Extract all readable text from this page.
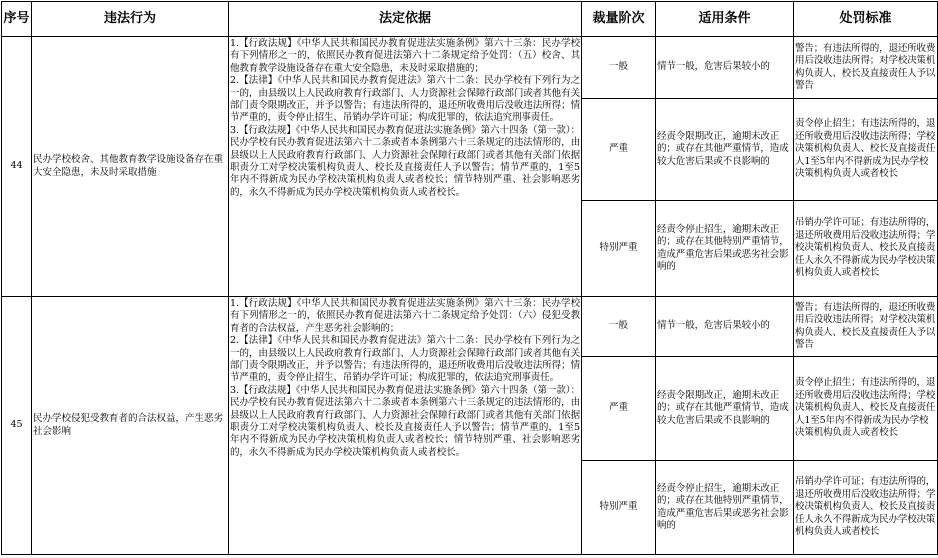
序号	违法行为	法定依据	裁量阶次	适用条件	处罚标准
44	民办学校校舍、其他教育教学设施设备存在重大安全隐患，未及时采取措施	1.【行政法规】《中华人民共和国民办教育促进法实施条例》第六十三条：民办学校有下列情形之一的，依照民办教育促进法第六十二条规定给予处罚：（五）校舍、其他教育教学设施设备存在重大安全隐患，未及时采取措施的；

2.【法律】《中华人民共和国民办教育促进法》第六十二条：民办学校有下列行为之一的，由县级以上人民政府教育行政部门、人力资源社会保障行政部门或者其他有关部门责令限期改正，并予以警告；有违法所得的，退还所收费用后没收违法所得；情节严重的，责令停止招生、吊销办学许可证；构成犯罪的，依法追究刑事责任。

3.【行政法规】《中华人民共和国民办教育促进法实施条例》第六十四条（第一款）：民办学校有民办教育促进法第六十二条或者本条例第六十三条规定的违法情形的，由县级以上人民政府教育行政部门、人力资源社会保障行政部门或者其他有关部门依据职责分工对学校决策机构负责人、校长及直接责任人予以警告；情节严重的，1至5年内不得新成为民办学校决策机构负责人或者校长；情节特别严重、社会影响恶劣的，永久不得新成为民办学校决策机构负责人或者校长。	一般	情节一般，危害后果较小的	警告；有违法所得的，退还所收费用后没收违法所得；对学校决策机构负责人、校长及直接责任人予以警告
			严重	经责令限期改正，逾期未改正的；或存在其他严重情节，造成较大危害后果或不良影响的	责令停止招生；有违法所得的，退还所收费用后没收违法所得；学校决策机构负责人、校长及直接责任人1至5年内不得新成为民办学校决策机构负责人或者校长
			特别严重	经责令停止招生，逾期未改正的；或存在其他特别严重情节，造成严重危害后果或恶劣社会影响的	吊销办学许可证；有违法所得的，退还所收费用后没收违法所得；学校决策机构负责人、校长及直接责任人永久不得新成为民办学校决策机构负责人或者校长
45	民办学校侵犯受教育者的合法权益，产生恶劣社会影响	1.【行政法规】《中华人民共和国民办教育促进法实施条例》第六十三条：民办学校有下列情形之一的，依照民办教育促进法第六十二条规定给予处罚：（六）侵犯受教育者的合法权益，产生恶劣社会影响的；

2.【法律】《中华人民共和国民办教育促进法》第六十二条：民办学校有下列行为之一的，由县级以上人民政府教育行政部门、人力资源社会保障行政部门或者其他有关部门责令限期改正，并予以警告；有违法所得的，退还所收费用后没收违法所得；情节严重的，责令停止招生、吊销办学许可证；构成犯罪的，依法追究刑事责任。

3.【行政法规】《中华人民共和国民办教育促进法实施条例》第六十四条（第一款）：民办学校有民办教育促进法第六十二条或者本条例第六十三条规定的违法情形的，由县级以上人民政府教育行政部门、人力资源社会保障行政部门或者其他有关部门依据职责分工对学校决策机构负责人、校长及直接责任人予以警告；情节严重的，1至5年内不得新成为民办学校决策机构负责人或者校长；情节特别严重、社会影响恶劣的，永久不得新成为民办学校决策机构负责人或者校长。	一般	情节一般，危害后果较小的	警告；有违法所得的，退还所收费用后没收违法所得；对学校决策机构负责人、校长及直接责任人予以警告
			严重	经责令限期改正，逾期未改正的；或存在其他严重情节，造成较大危害后果或不良影响的	责令停止招生；有违法所得的，退还所收费用后没收违法所得；学校决策机构负责人、校长及直接责任人1至5年内不得新成为民办学校决策机构负责人或者校长
			特别严重	经责令停止招生，逾期未改正的；或存在其他特别严重情节，造成严重危害后果或恶劣社会影响的	吊销办学许可证；有违法所得的，退还所收费用后没收违法所得；学校决策机构负责人、校长及直接责任人永久不得新成为民办学校决策机构负责人或者校长
